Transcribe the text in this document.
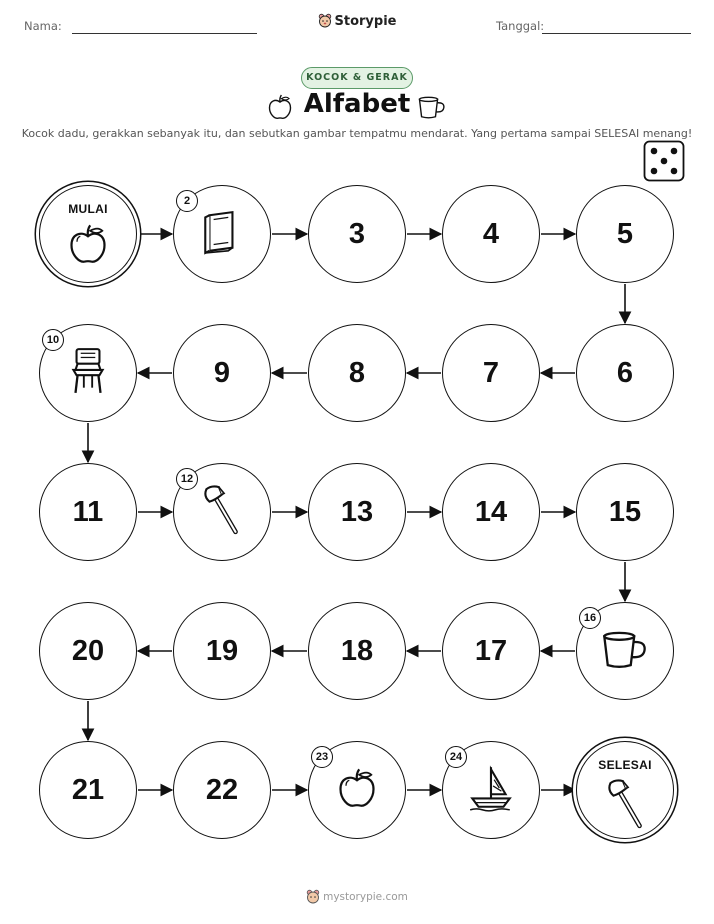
Nama:	Storypie	Tanggal:
KOCOK & GERAK
Alfabet
Kocok dadu, gerakkan sebanyak itu, dan sebutkan gambar tempatmu mendarat. Yang pertama sampai SELESAI menang!
MULAI
2
3	4	5
10
9	8	7	6
11
12
13	14	15
20	19	18	17
16
21	22
23	24
SELESAI
mystorypie.com
